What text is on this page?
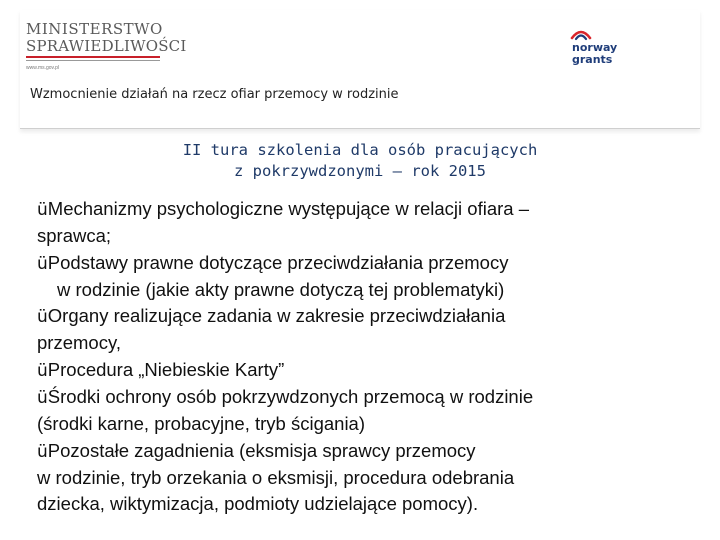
MINISTERSTWO
SPRAWIEDLIWOŚCI
www.ms.gov.pl
Wzmocnienie działań na rzecz ofiar przemocy w rodzinie
norway
grants
II tura szkolenia dla osób pracujących
z pokrzywdzonymi – rok 2015

üMechanizmy psychologiczne występujące w relacji ofiara –

sprawca;

üPodstawy prawne dotyczące przeciwdziałania przemocy

w rodzinie (jakie akty prawne dotyczą tej problematyki)

üOrgany realizujące zadania w zakresie przeciwdziałania

przemocy,

üProcedura „Niebieskie Karty”

üŚrodki ochrony osób pokrzywdzonych przemocą w rodzinie

(środki karne, probacyjne, tryb ścigania)

üPozostałe zagadnienia (eksmisja sprawcy przemocy

w rodzinie, tryb orzekania o eksmisji, procedura odebrania

dziecka, wiktymizacja, podmioty udzielające pomocy).
